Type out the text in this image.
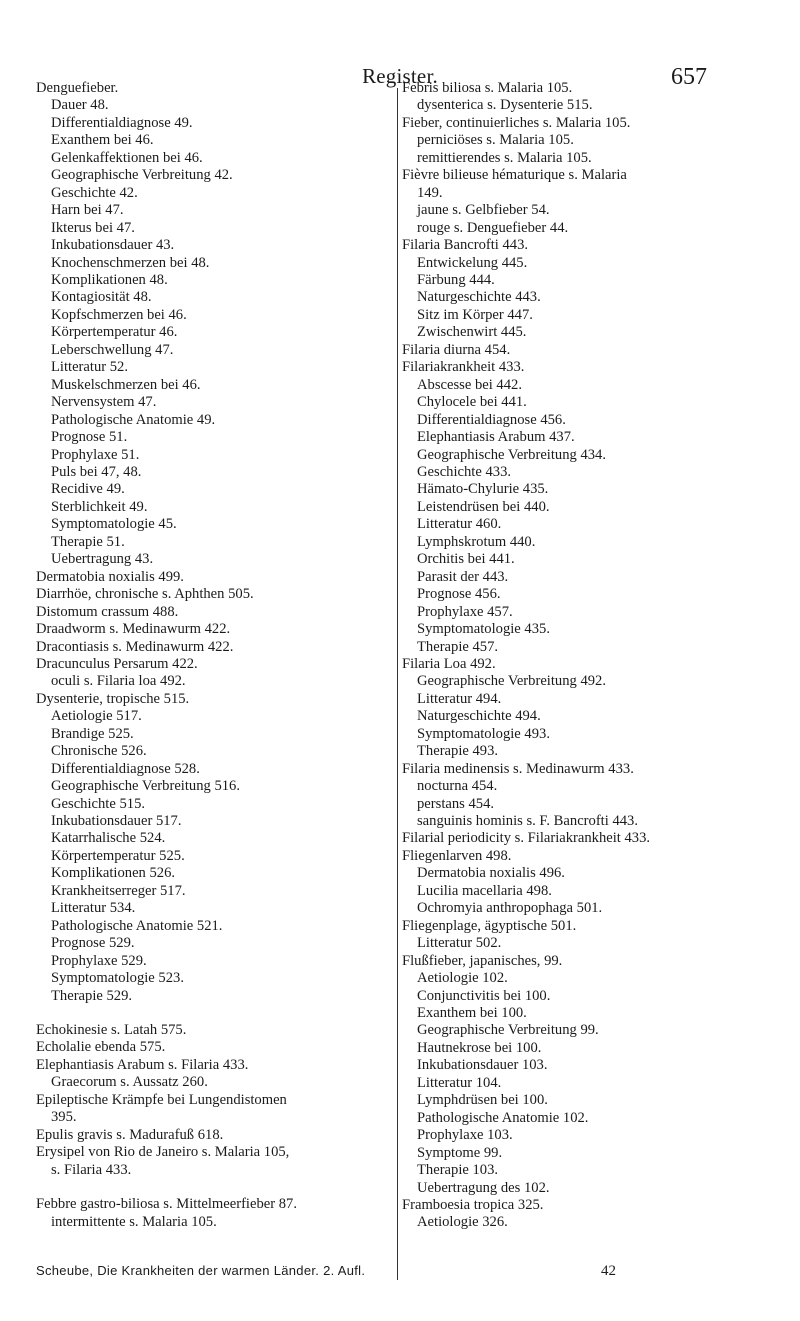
Register.	657
Denguefieber.
Dauer 48.
Differentialdiagnose 49.
Exanthem bei 46.
Gelenkaffektionen bei 46.
Geographische Verbreitung 42.
Geschichte 42.
Harn bei 47.
Ikterus bei 47.
Inkubationsdauer 43.
Knochenschmerzen bei 48.
Komplikationen 48.
Kontagiosität 48.
Kopfschmerzen bei 46.
Körpertemperatur 46.
Leberschwellung 47.
Litteratur 52.
Muskelschmerzen bei 46.
Nervensystem 47.
Pathologische Anatomie 49.
Prognose 51.
Prophylaxe 51.
Puls bei 47, 48.
Recidive 49.
Sterblichkeit 49.
Symptomatologie 45.
Therapie 51.
Uebertragung 43.
Dermatobia noxialis 499.
Diarrhöe, chronische s. Aphthen 505.
Distomum crassum 488.
Draadworm s. Medinawurm 422.
Dracontiasis s. Medinawurm 422.
Dracunculus Persarum 422.
oculi s. Filaria loa 492.
Dysenterie, tropische 515.
Aetiologie 517.
Brandige 525.
Chronische 526.
Differentialdiagnose 528.
Geographische Verbreitung 516.
Geschichte 515.
Inkubationsdauer 517.
Katarrhalische 524.
Körpertemperatur 525.
Komplikationen 526.
Krankheitserreger 517.
Litteratur 534.
Pathologische Anatomie 521.
Prognose 529.
Prophylaxe 529.
Symptomatologie 523.
Therapie 529.
Echokinesie s. Latah 575.
Echolalie ebenda 575.
Elephantiasis Arabum s. Filaria 433.
Graecorum s. Aussatz 260.
Epileptische Krämpfe bei Lungendistomen
395.
Epulis gravis s. Madurafuß 618.
Erysipel von Rio de Janeiro s. Malaria 105,
s. Filaria 433.
Febbre gastro-biliosa s. Mittelmeerfieber 87.
intermittente s. Malaria 105.
Febris biliosa s. Malaria 105.
dysenterica s. Dysenterie 515.
Fieber, continuierliches s. Malaria 105.
perniciöses s. Malaria 105.
remittierendes s. Malaria 105.
Fièvre bilieuse hématurique s. Malaria
149.
jaune s. Gelbfieber 54.
rouge s. Denguefieber 44.
Filaria Bancrofti 443.
Entwickelung 445.
Färbung 444.
Naturgeschichte 443.
Sitz im Körper 447.
Zwischenwirt 445.
Filaria diurna 454.
Filariakrankheit 433.
Abscesse bei 442.
Chylocele bei 441.
Differentialdiagnose 456.
Elephantiasis Arabum 437.
Geographische Verbreitung 434.
Geschichte 433.
Hämato-Chylurie 435.
Leistendrüsen bei 440.
Litteratur 460.
Lymphskrotum 440.
Orchitis bei 441.
Parasit der 443.
Prognose 456.
Prophylaxe 457.
Symptomatologie 435.
Therapie 457.
Filaria Loa 492.
Geographische Verbreitung 492.
Litteratur 494.
Naturgeschichte 494.
Symptomatologie 493.
Therapie 493.
Filaria medinensis s. Medinawurm 433.
nocturna 454.
perstans 454.
sanguinis hominis s. F. Bancrofti 443.
Filarial periodicity s. Filariakrankheit 433.
Fliegenlarven 498.
Dermatobia noxialis 496.
Lucilia macellaria 498.
Ochromyia anthropophaga 501.
Fliegenplage, ägyptische 501.
Litteratur 502.
Flußfieber, japanisches, 99.
Aetiologie 102.
Conjunctivitis bei 100.
Exanthem bei 100.
Geographische Verbreitung 99.
Hautnekrose bei 100.
Inkubationsdauer 103.
Litteratur 104.
Lymphdrüsen bei 100.
Pathologische Anatomie 102.
Prophylaxe 103.
Symptome 99.
Therapie 103.
Uebertragung des 102.
Framboesia tropica 325.
Aetiologie 326.
Scheube, Die Krankheiten der warmen Länder. 2. Aufl.	42
